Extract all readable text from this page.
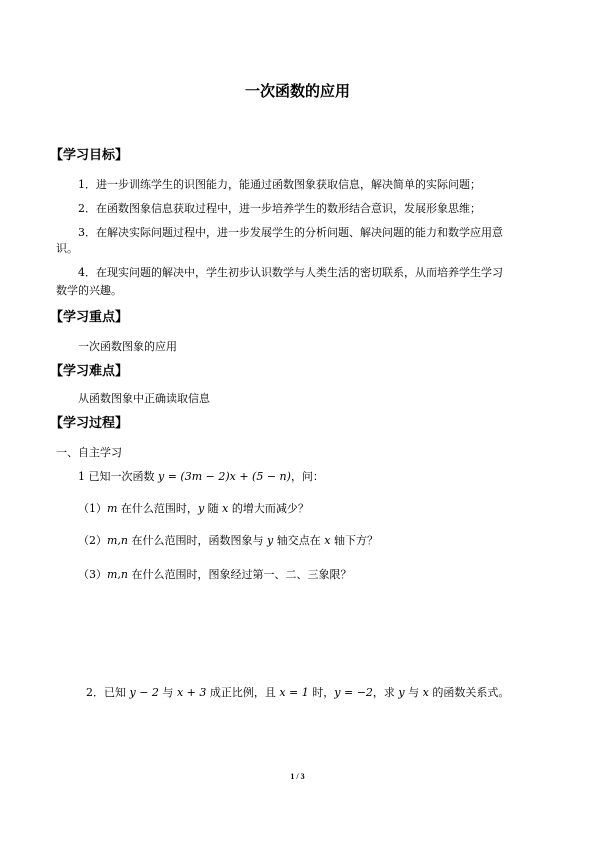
一次函数的应用
【学习目标】
1．进一步训练学生的识图能力，能通过函数图象获取信息，解决简单的实际问题；
2．在函数图象信息获取过程中，进一步培养学生的数形结合意识，发展形象思维；
3．在解决实际问题过程中，进一步发展学生的分析问题、解决问题的能力和数学应用意
识。
4．在现实问题的解决中，学生初步认识数学与人类生活的密切联系，从而培养学生学习
数学的兴趣。
【学习重点】
一次函数图象的应用
【学习难点】
从函数图象中正确读取信息
【学习过程】
一、自主学习
1 已知一次函数 y = (3m − 2)x + (5 − n)，问：
（1）m 在什么范围时，y 随 x 的增大而减少？
（2）m,n 在什么范围时，函数图象与 y 轴交点在 x 轴下方？
（3）m,n 在什么范围时，图象经过第一、二、三象限？
2．已知 y − 2 与 x + 3 成正比例，且 x = 1 时，y = −2，求 y 与 x 的函数关系式。
1 / 3
